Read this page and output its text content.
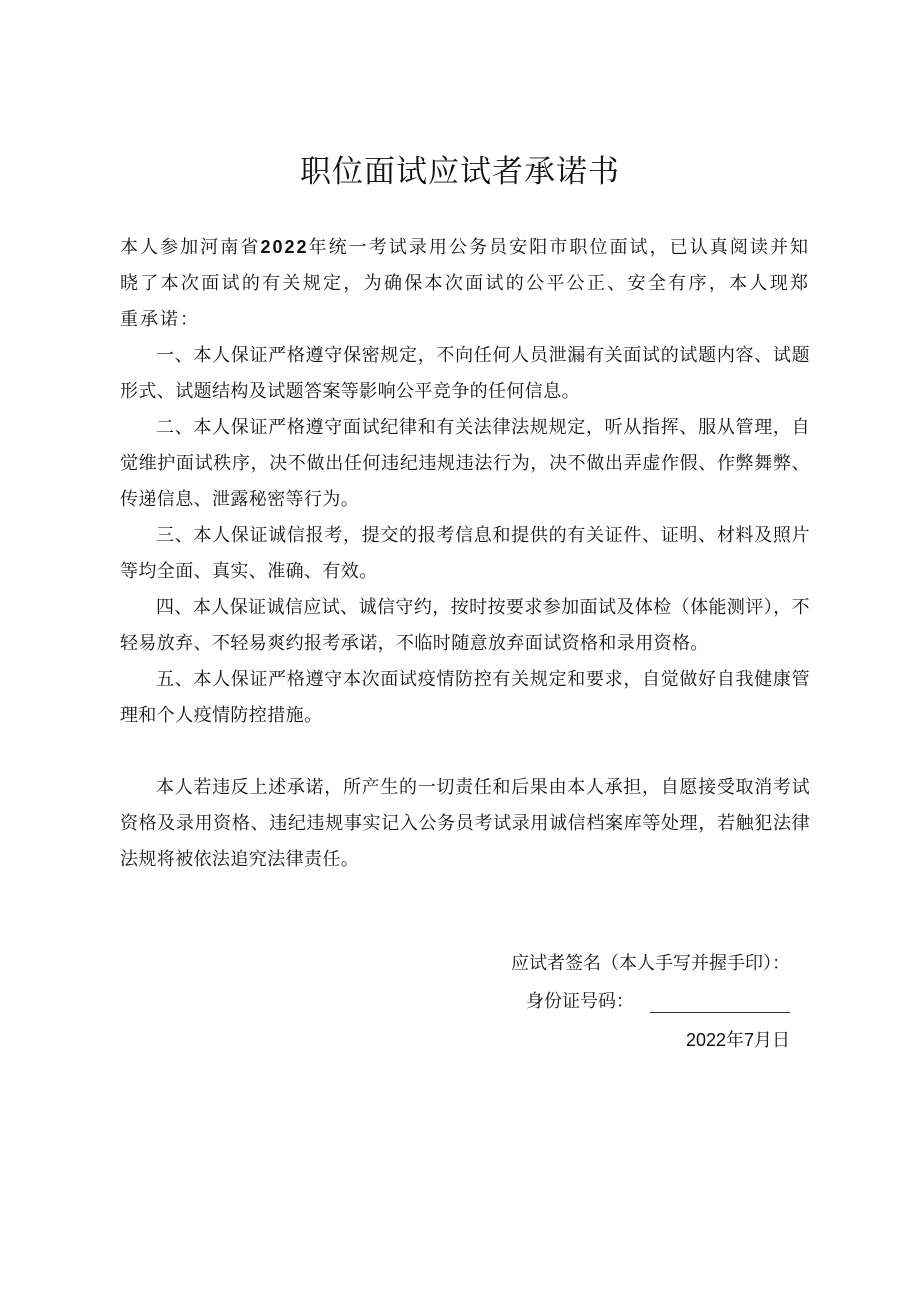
职位面试应试者承诺书

本人参加河南省2022年统一考试录用公务员安阳市职位面试，已认真阅读并知晓了本次面试的有关规定，为确保本次面试的公平公正、安全有序，本人现郑重承诺：

一、本人保证严格遵守保密规定，不向任何人员泄漏有关面试的试题内容、试题形式、试题结构及试题答案等影响公平竞争的任何信息。

二、本人保证严格遵守面试纪律和有关法律法规规定，听从指挥、服从管理，自觉维护面试秩序，决不做出任何违纪违规违法行为，决不做出弄虚作假、作弊舞弊、传递信息、泄露秘密等行为。

三、本人保证诚信报考，提交的报考信息和提供的有关证件、证明、材料及照片等均全面、真实、准确、有效。

四、本人保证诚信应试、诚信守约，按时按要求参加面试及体检（体能测评），不轻易放弃、不轻易爽约报考承诺，不临时随意放弃面试资格和录用资格。

五、本人保证严格遵守本次面试疫情防控有关规定和要求，自觉做好自我健康管理和个人疫情防控措施。

本人若违反上述承诺，所产生的一切责任和后果由本人承担，自愿接受取消考试资格及录用资格、违纪违规事实记入公务员考试录用诚信档案库等处理，若触犯法律法规将被依法追究法律责任。

应试者签名（本人手写并握手印）：
身份证号码：
2022年7月日
